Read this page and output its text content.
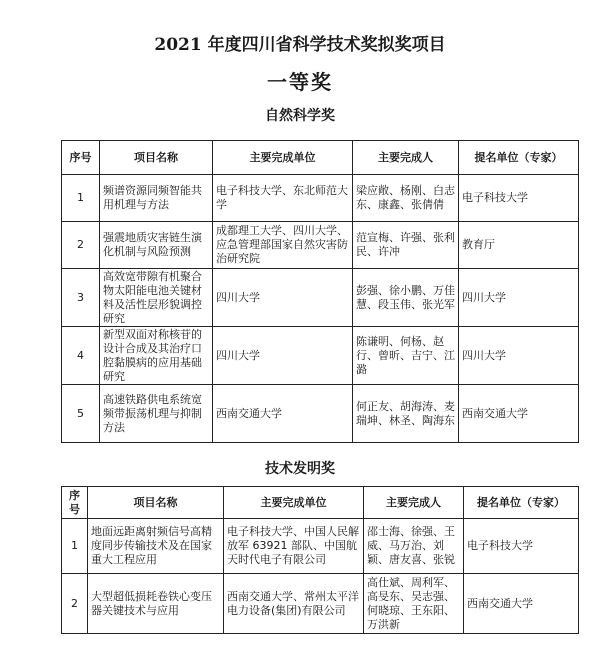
2021 年度四川省科学技术奖拟奖项目
一等奖
自然科学奖
序号	项目名称	主要完成单位	主要完成人	提名单位（专家）
1	频谱资源同频智能共用机理与方法	电子科技大学、东北师范大学	梁应敞、杨刚、白志东、康鑫、张倩倩	电子科技大学
2	强震地质灾害链生演化机制与风险预测	成都理工大学、四川大学、应急管理部国家自然灾害防治研究院	范宣梅、许强、张利民、许冲	教育厅
3	高效宽带隙有机聚合物太阳能电池关键材料及活性层形貌调控研究	四川大学	彭强、徐小鹏、万佳慧、段玉伟、张光军	四川大学
4	新型双面对称核苷的设计合成及其治疗口腔黏膜病的应用基础研究	四川大学	陈谦明、何杨、赵行、曾昕、吉宁、江潞	四川大学
5	高速铁路供电系统宽频带振荡机理与抑制方法	西南交通大学	何正友、胡海涛、麦瑞坤、林圣、陶海东	西南交通大学
技术发明奖
序号	项目名称	主要完成单位	主要完成人	提名单位（专家）
1	地面远距离射频信号高精度同步传输技术及在国家重大工程应用	电子科技大学、中国人民解放军 63921 部队、中国航天时代电子有限公司	邵士海、徐强、王威、马万治、刘颖、唐友喜、张锐	电子科技大学
2	大型超低损耗卷铁心变压器关键技术与应用	西南交通大学、常州太平洋电力设备(集团)有限公司	高仕斌、周利军、高旻东、吴志强、何晓琼、王东阳、万洪新	西南交通大学
